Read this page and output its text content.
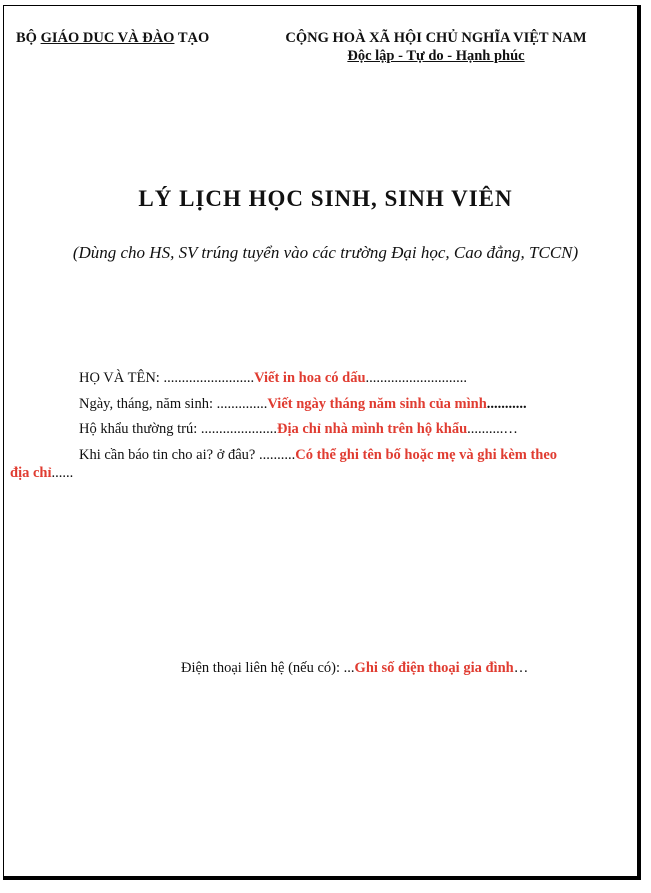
BỘ GIÁO DUC VÀ ĐÀO TẠO	CỘNG HOÀ XÃ HỘI CHỦ NGHĨA VIỆT NAM
Độc lập - Tự do - Hạnh phúc
LÝ LỊCH HỌC SINH, SINH VIÊN
(Dùng cho HS, SV trúng tuyển vào các trường Đại học, Cao đẳng, TCCN)
HỌ VÀ TÊN: .........................Viết in hoa có dấu............................
Ngày, tháng, năm sinh: ..............Viết ngày tháng năm sinh của mình...........
Hộ khẩu thường trú: .....................Địa chỉ nhà mình trên hộ khẩu..........…
Khi cần báo tin cho ai? ở đâu? ..........Có thể ghi tên bố hoặc mẹ và ghi kèm theo
địa chỉ......
Điện thoại liên hệ (nếu có): ...Ghi số điện thoại gia đình…
